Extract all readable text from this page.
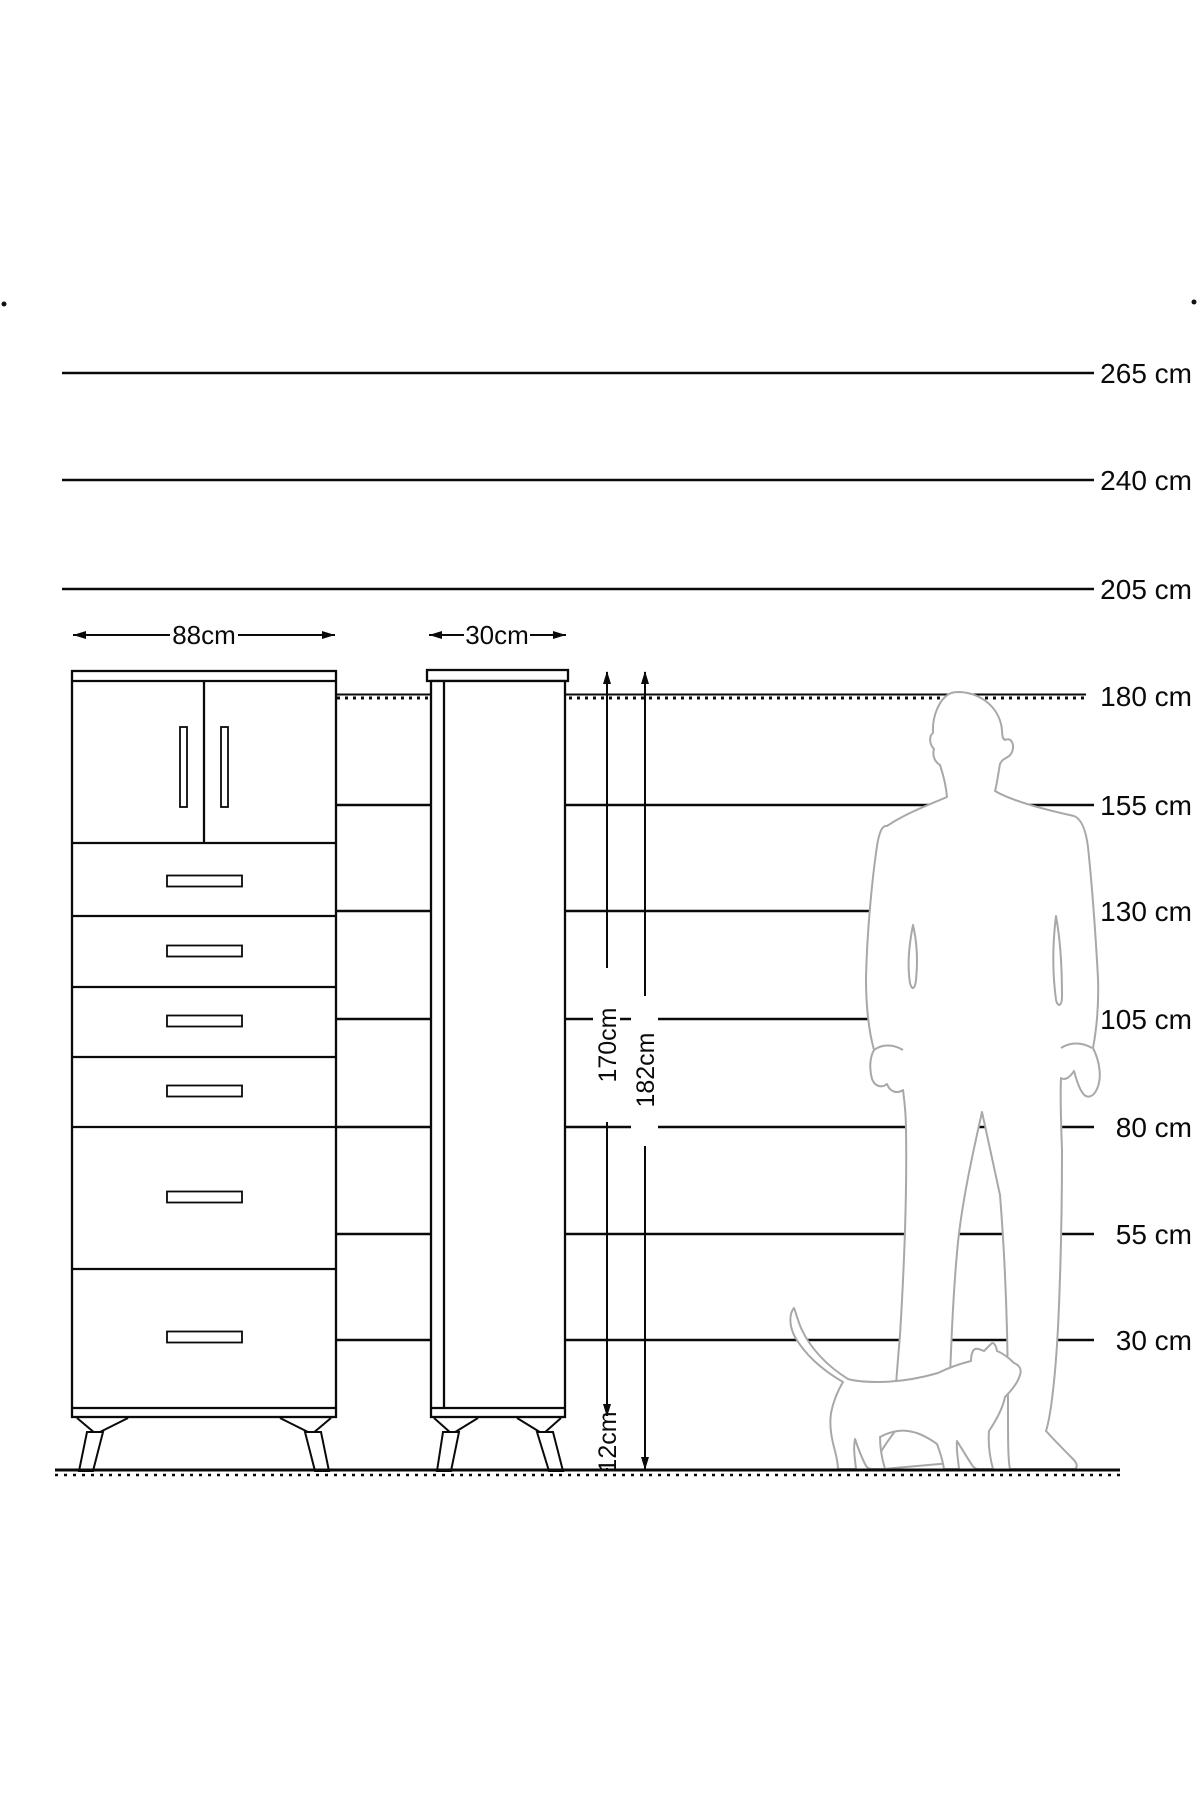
88cm	30cm
170cm
12cm
182cm
265 cm
240 cm
205 cm
180 cm
155 cm
130 cm
105 cm
80 cm
55 cm
30 cm
